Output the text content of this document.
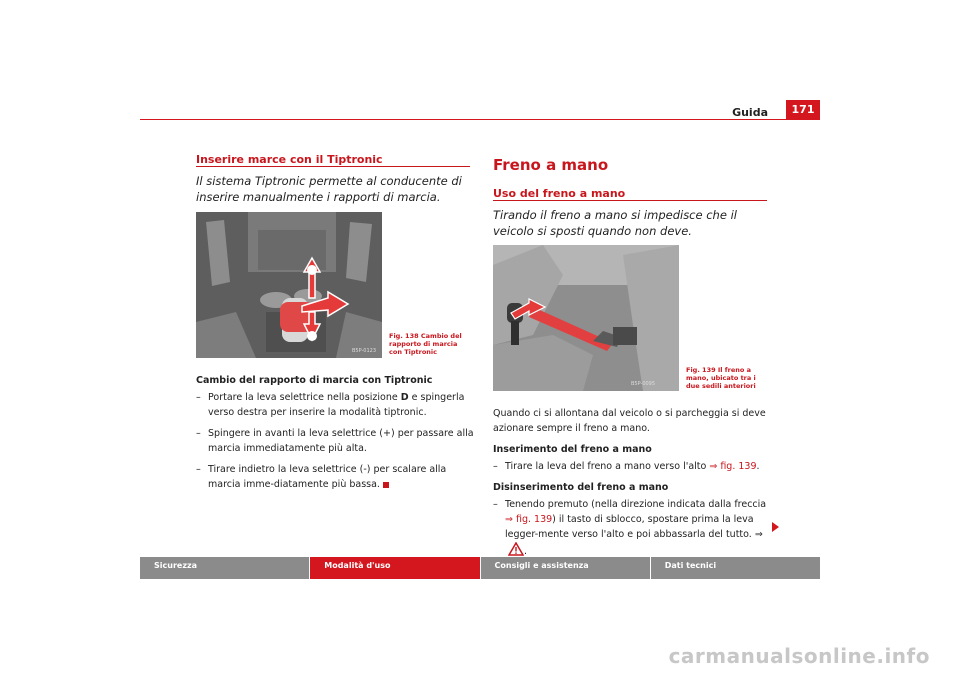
Guida	171
Inserire marce con il Tiptronic
Il sistema Tiptronic permette al conducente di inserire manualmente i rapporti di marcia.
B5P-0123
Fig. 138 Cambio del rapporto di marcia con Tiptronic

Cambio del rapporto di marcia con Tiptronic

– Portare la leva selettrice nella posizione D e spingerla verso destra per inserire la modalità tiptronic.
– Spingere in avanti la leva selettrice (+) per passare alla marcia immediatamente più alta.
– Tirare indietro la leva selettrice (-) per scalare alla marcia imme-diatamente più bassa.
Freno a mano
Uso del freno a mano
Tirando il freno a mano si impedisce che il veicolo si sposti quando non deve.
B5P-0095
Fig. 139 Il freno a mano, ubicato tra i due sedili anteriori

Quando ci si allontana dal veicolo o si parcheggia si deve azionare sempre il freno a mano.

Inserimento del freno a mano

– Tirare la leva del freno a mano verso l'alto ⇒ fig. 139.

Disinserimento del freno a mano

– Tenendo premuto (nella direzione indicata dalla freccia ⇒ fig. 139) il tasto di sblocco, spostare prima la leva legger-mente verso l'alto e poi abbassarla del tutto. ⇒ .
Sicurezza	Modalità d'uso	Consigli e assistenza	Dati tecnici
carmanualsonline.info
